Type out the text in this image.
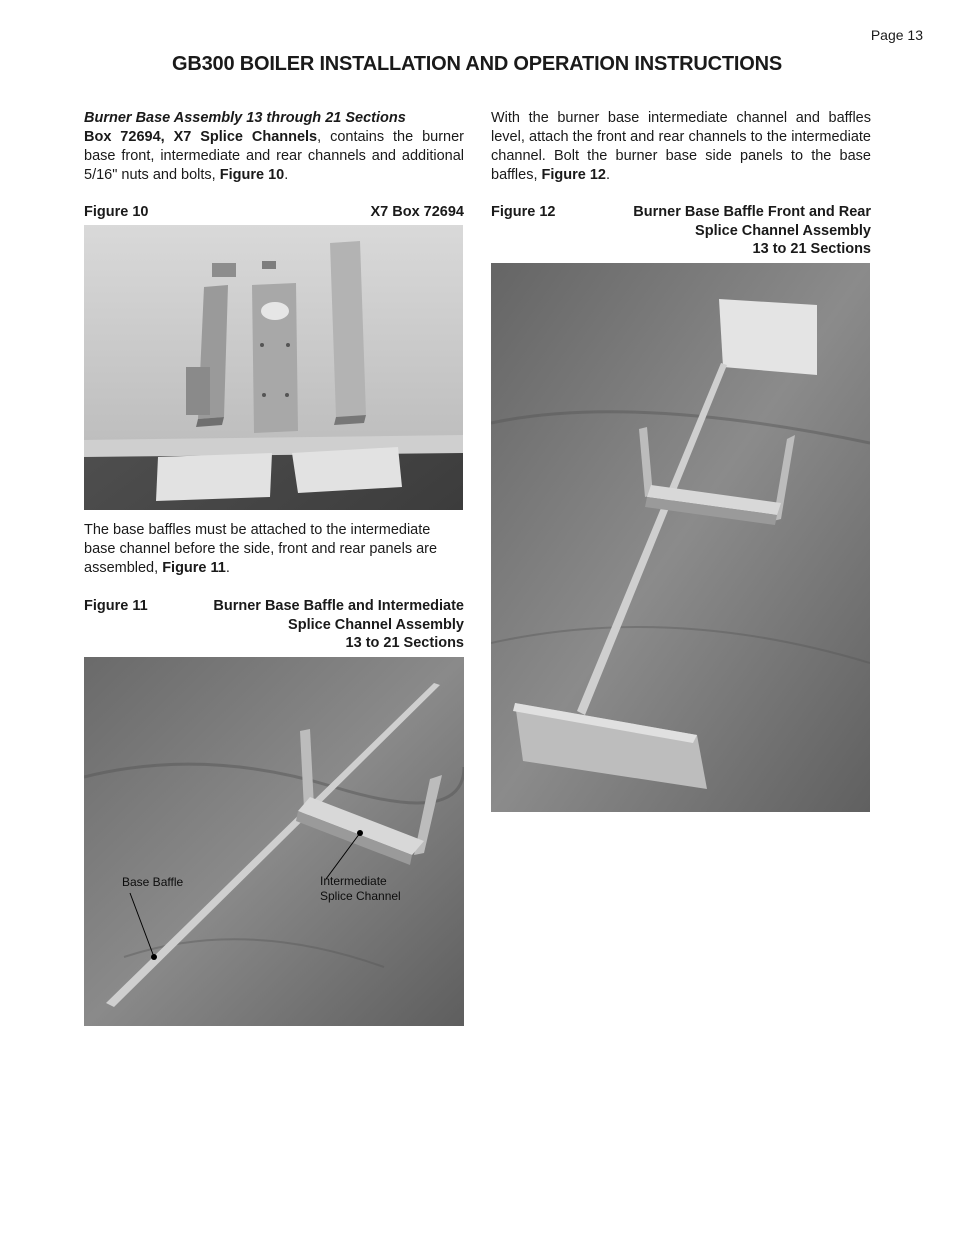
Page 13
GB300 BOILER INSTALLATION AND OPERATION INSTRUCTIONS
Burner Base Assembly 13 through 21 Sections

Box 72694, X7 Splice Channels, contains the burner base front, intermediate and rear channels and additional 5/16" nuts and bolts, Figure 10.

Figure 10	X7 Box 72694

The base baffles must be attached to the intermediate base channel before the side, front and rear panels are assembled, Figure 11.

Figure 11	Burner Base Baffle and Intermediate
Splice Channel Assembly
13 to 21 Sections
Base Baffle	Intermediate
Splice Channel

With the burner base intermediate channel and baffles level, attach the front and rear channels to the intermediate channel. Bolt the burner base side panels to the base baffles, Figure 12.

Figure 12	Burner Base Baffle Front and Rear
Splice Channel Assembly
13 to 21 Sections
